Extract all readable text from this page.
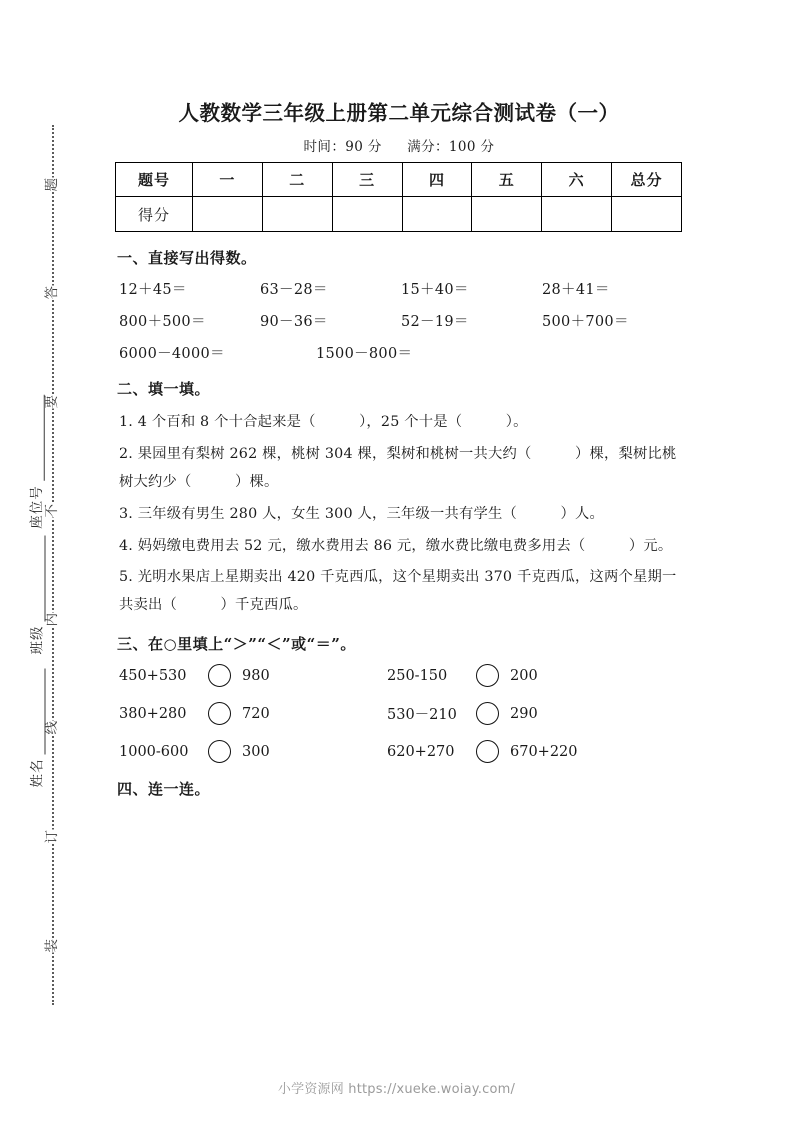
题
答
要
不
内
线
订
装
座位号
班级
姓名
人教数学三年级上册第二单元综合测试卷（一）
时间：90 分 满分：100 分
题号	一	二	三	四	五	六	总分
得分							
一、直接写出得数。
12＋45＝	63－28＝	15＋40＝	28＋41＝
800＋500＝	90－36＝	52－19＝	500＋700＝
6000－4000＝	1500－800＝
二、填一填。

1. 4 个百和 8 个十合起来是（　　　），25 个十是（　　　）。

2. 果园里有梨树 262 棵，桃树 304 棵，梨树和桃树一共大约（　　　）棵，梨树比桃树大约少（　　　）棵。

3. 三年级有男生 280 人，女生 300 人，三年级一共有学生（　　　）人。

4. 妈妈缴电费用去 52 元，缴水费用去 86 元，缴水费比缴电费多用去（　　　）元。

5. 光明水果店上星期卖出 420 千克西瓜，这个星期卖出 370 千克西瓜，这两个星期一共卖出（　　　）千克西瓜。

三、在○里填上“＞”“＜”或“＝”。
450+530	980	250-150	200
380+280	720	530－210	290
1000-600	300	620+270	670+220
四、连一连。
小学资源网 https://xueke.woiay.com/
